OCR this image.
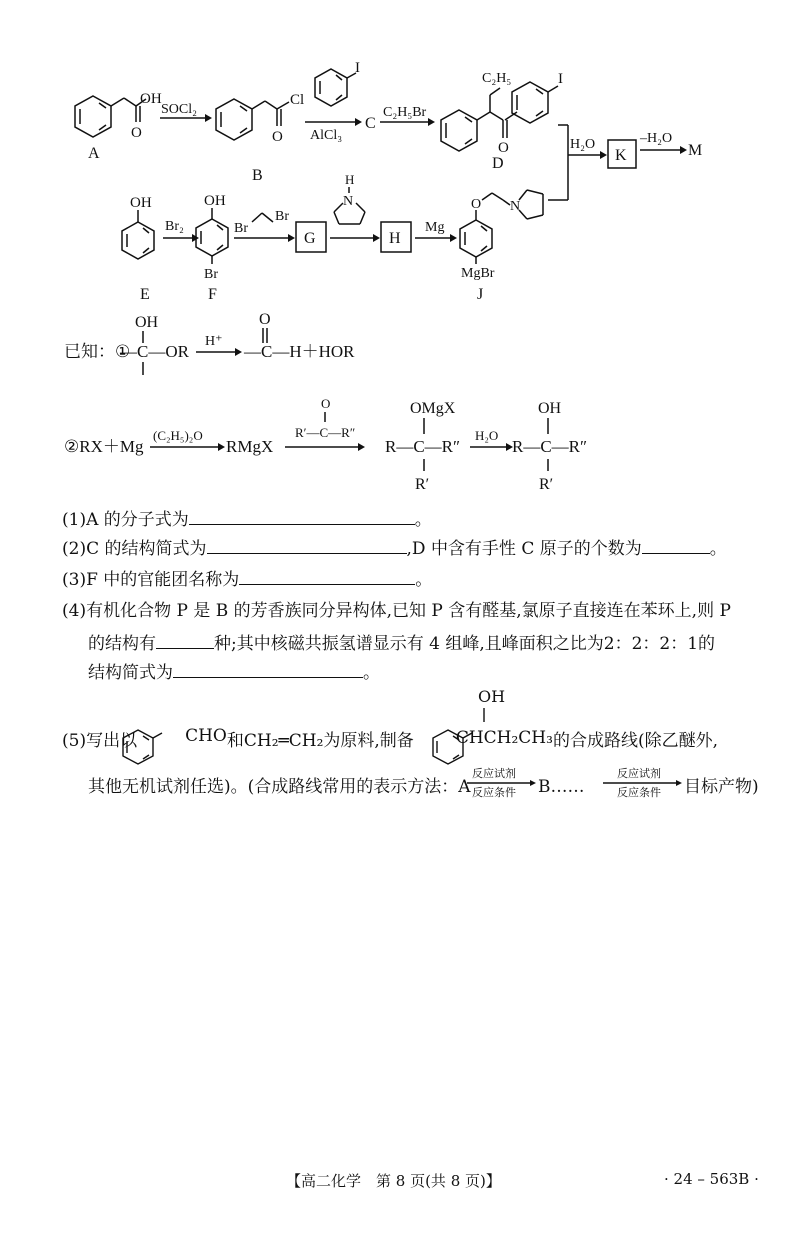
OH
O
A
SOCl₂
Cl
O
B
I
AlCl₃
C
C₂H₅Br
C₂H₅
O
I
D
H₂O
K
–H₂O
M
OH
E
Br₂
OH
Br
F
Br
Br
G
H
N
H
Mg
O N
MgBr
J
已知：①
OH
—C—OR
H⁺
O
—C—H＋HOR
②RX＋Mg
(C₂H₅)₂O
RMgX
O
R′—C—R″
OMgX
R—C—R″
R′
H₂O
OH
R—C—R″
R′
(1)A 的分子式为	。
(2)C 的结构简式为	,D 中含有手性 C 原子的个数为	。
(3)F 中的官能团名称为	。
(4)有机化合物 P 是 B 的芳香族同分异构体,已知 P 含有醛基,氯原子直接连在苯环上,则 P
的结构有	种;其中核磁共振氢谱显示有 4 组峰,且峰面积之比为2：2：2：1的
结构简式为	。
OH
(5)写出以	CHO和CH₂═CH₂为原料,制备 CHCH₂CH₃的合成路线(除乙醚外,
其他无机试剂任选)。(合成路线常用的表示方法：A
反应试剂
反应条件 B……
反应试剂
反应条件 目标产物)
【高二化学　第 8 页(共 8 页)】	· 24 – 563B ·
